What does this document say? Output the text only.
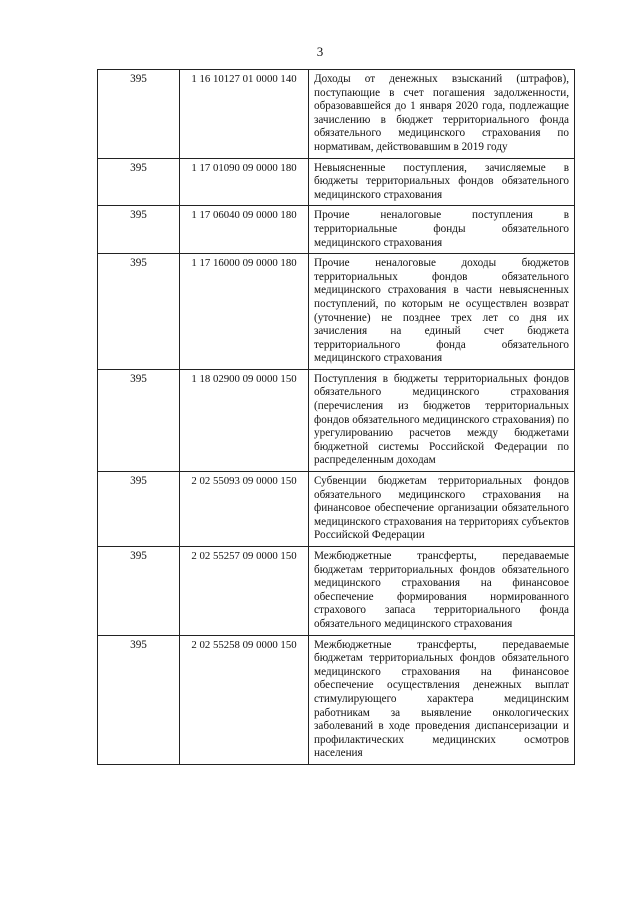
3
395	1 16 10127 01 0000 140	Доходы от денежных взысканий (штрафов), поступающие в счет погашения задолженности, образовавшейся до 1 января 2020 года, подлежащие зачислению в бюджет территориального фонда обязательного медицинского страхования по нормативам, действовавшим в 2019 году
395	1 17 01090 09 0000 180	Невыясненные поступления, зачисляемые в бюджеты территориальных фондов обязательного медицинского страхования
395	1 17 06040 09 0000 180	Прочие неналоговые поступления в территориальные фонды обязательного медицинского страхования
395	1 17 16000 09 0000 180	Прочие неналоговые доходы бюджетов территориальных фондов обязательного медицинского страхования в части невыясненных поступлений, по которым не осуществлен возврат (уточнение) не позднее трех лет со дня их зачисления на единый счет бюджета территориального фонда обязательного медицинского страхования
395	1 18 02900 09 0000 150	Поступления в бюджеты территориальных фондов обязательного медицинского страхования (перечисления из бюджетов территориальных фондов обязательного медицинского страхования) по урегулированию расчетов между бюджетами бюджетной системы Российской Федерации по распределенным доходам
395	2 02 55093 09 0000 150	Субвенции бюджетам территориальных фондов обязательного медицинского страхования на финансовое обеспечение организации обязательного медицинского страхования на территориях субъектов Российской Федерации
395	2 02 55257 09 0000 150	Межбюджетные трансферты, передаваемые бюджетам территориальных фондов обязательного медицинского страхования на финансовое обеспечение формирования нормированного страхового запаса территориального фонда обязательного медицинского страхования
395	2 02 55258 09 0000 150	Межбюджетные трансферты, передаваемые бюджетам территориальных фондов обязательного медицинского страхования на финансовое обеспечение осуществления денежных выплат стимулирующего характера медицинским работникам за выявление онкологических заболеваний в ходе проведения диспансеризации и профилактических медицинских осмотров населения
